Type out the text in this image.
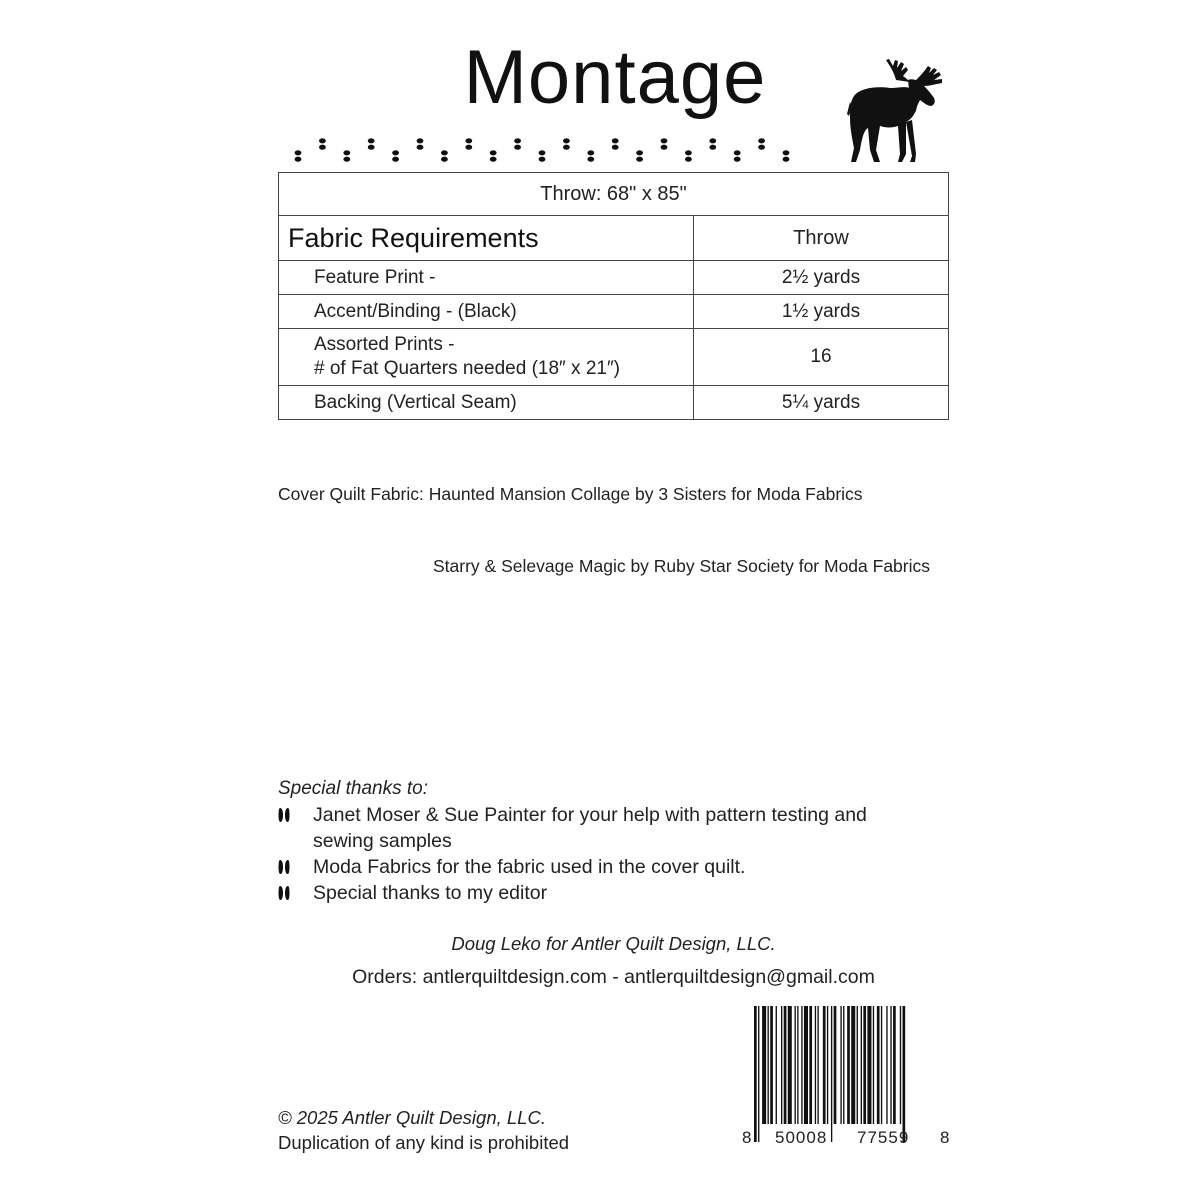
Montage
Throw: 68" x 85"	
Fabric Requirements	Throw
Feature Print -	2½ yards
Accent/Binding - (Black)	1½ yards

Assorted Prints -
# of Fat Quarters needed (18″ x 21″)	16
Backing (Vertical Seam)	5¼ yards

Cover Quilt Fabric: Haunted Mansion Collage by 3 Sisters for Moda Fabrics

Starry & Selevage Magic by Ruby Star Society for Moda Fabrics

Special thanks to:
Janet Moser & Sue Painter for your help with pattern testing and sewing samples
Moda Fabrics for the fabric used in the cover quilt.
Special thanks to my editor
Doug Leko for Antler Quilt Design, LLC.
Orders: antlerquiltdesign.com - antlerquiltdesign@gmail.com
8 50008 77559 8
© 2025 Antler Quilt Design, LLC.
Duplication of any kind is prohibited
